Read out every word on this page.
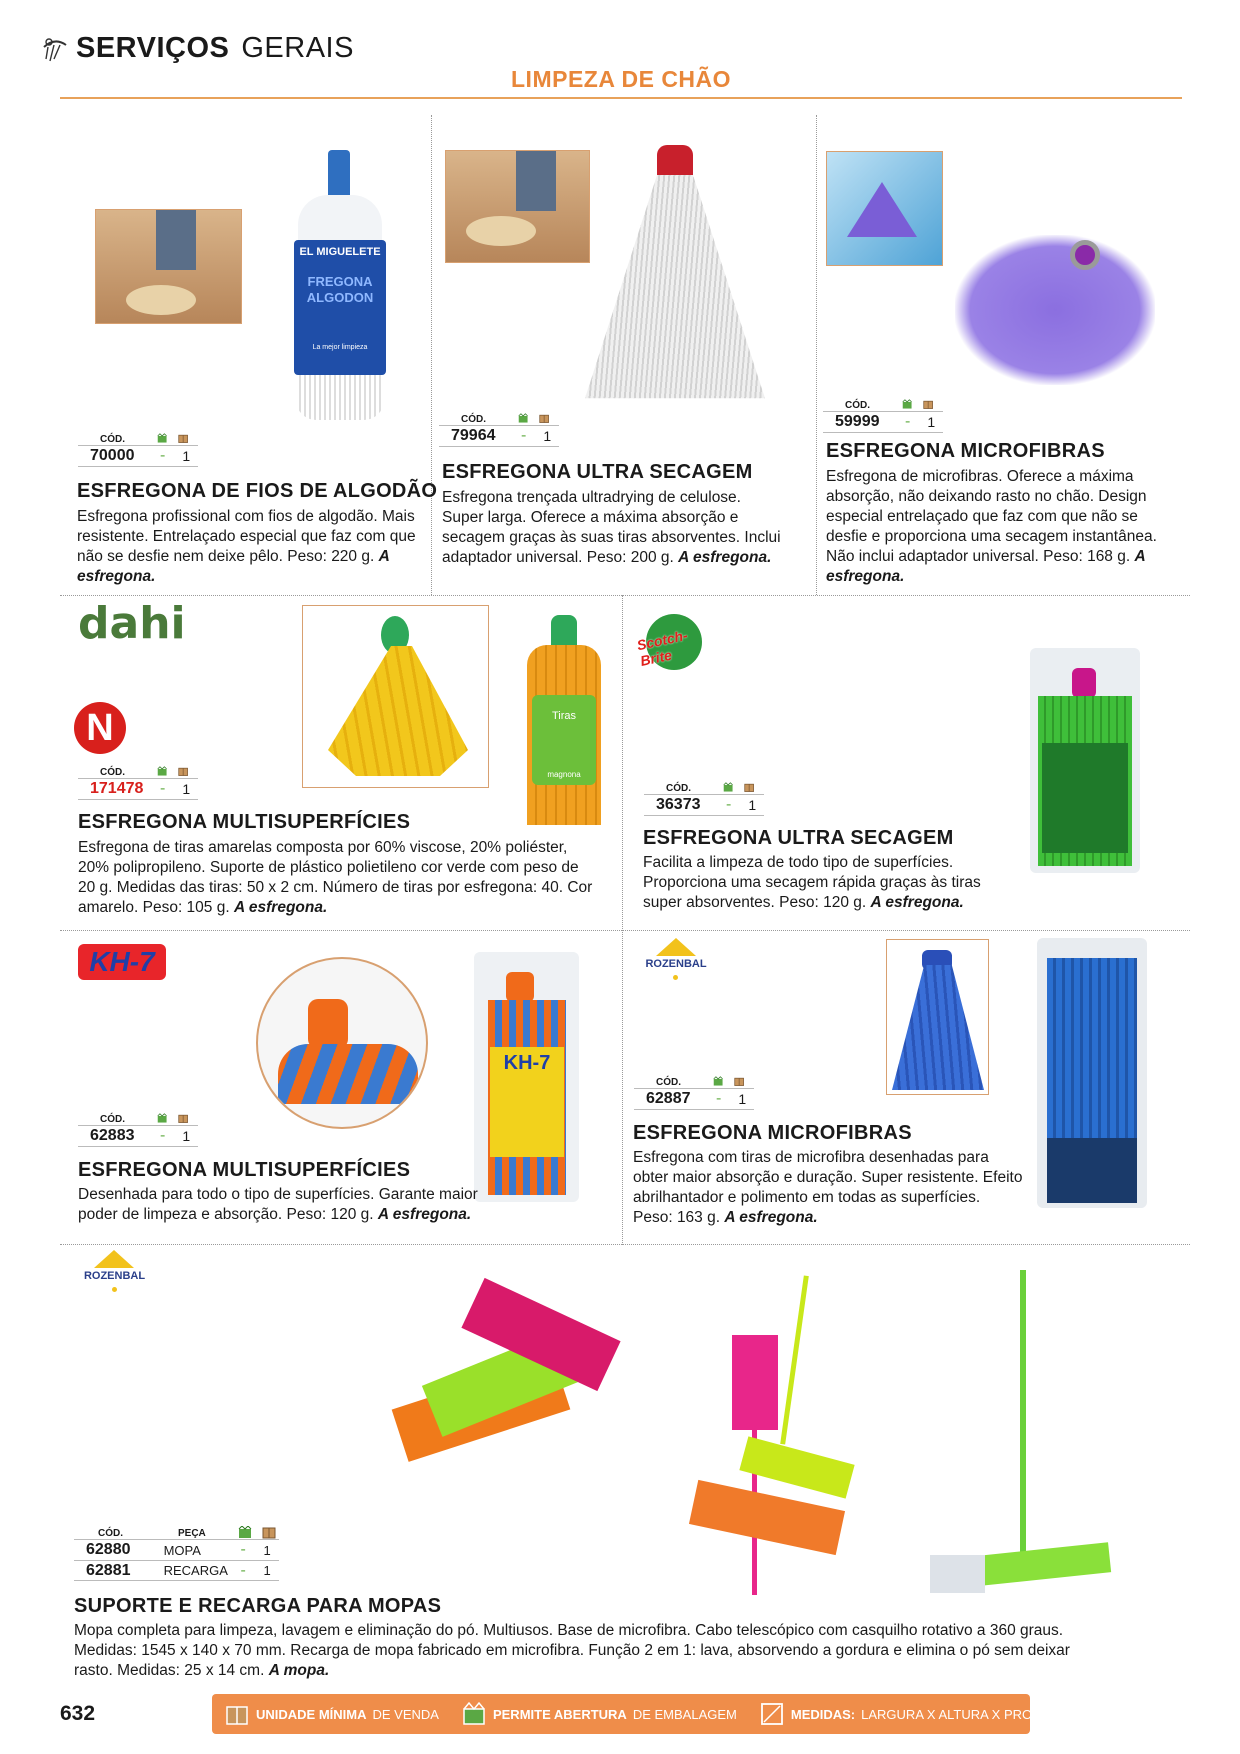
SERVIÇOS GERAIS
LIMPEZA DE CHÃO
EL MIGUELETE
FREGONA
ALGODON
La mejor limpieza
CÓD.
70000	-	1
ESFREGONA DE FIOS DE ALGODÃO
Esfregona profissional com fios de algodão. Mais resistente. Entrelaçado especial que faz com que não se desfie nem deixe pêlo. Peso: 220 g. A esfregona.
CÓD.
79964	-	1
ESFREGONA ULTRA SECAGEM
Esfregona trençada ultradrying de celulose. Super larga. Oferece a máxima absorção e secagem graças às suas tiras absorventes. Inclui adaptador universal. Peso: 200 g. A esfregona.
CÓD.
59999	-	1
ESFREGONA MICROFIBRAS
Esfregona de microfibras. Oferece a máxima absorção, não deixando rasto no chão. Design especial entrelaçado que faz com que não se desfie e proporciona uma secagem instantânea. Não inclui adaptador universal. Peso: 168 g. A esfregona.
dahi
N	Tiras
magnona
CÓD.
171478	-	1
ESFREGONA MULTISUPERFÍCIES
Esfregona de tiras amarelas composta por 60% viscose, 20% poliéster, 20% polipropileno. Suporte de plástico polietileno cor verde com peso de 20 g. Medidas das tiras: 50 x 2 cm. Número de tiras por esfregona: 40. Cor amarelo. Peso: 105 g. A esfregona.
Scotch-Brite
CÓD.
36373	-	1
ESFREGONA ULTRA SECAGEM
Facilita a limpeza de todo tipo de superfícies. Proporciona uma secagem rápida graças às tiras super absorventes. Peso: 120 g. A esfregona.
KH-7
KH-7
CÓD.
62883	-	1
ESFREGONA MULTISUPERFÍCIES
Desenhada para todo o tipo de superfícies. Garante maior poder de limpeza e absorção. Peso: 120 g. A esfregona.
ROZENBAL
CÓD.
62887	-	1
ESFREGONA MICROFIBRAS
Esfregona com tiras de microfibra desenhadas para obter maior absorção e duração. Super resistente. Efeito abrilhantador e polimento em todas as superfícies. Peso: 163 g. A esfregona.
ROZENBAL
CÓD.	PEÇA
62880	MOPA	-	1
62881	RECARGA -	1
SUPORTE E RECARGA PARA MOPAS
Mopa completa para limpeza, lavagem e eliminação do pó. Multiusos. Base de microfibra. Cabo telescópico com casquilho rotativo a 360 graus. Medidas: 1545 x 140 x 70 mm. Recarga de mopa fabricado em microfibra. Função 2 em 1: lava, absorvendo a gordura e elimina o pó sem deixar rasto. Medidas: 25 x 14 cm. A mopa.
632	UNIDADE MÍNIMA DE VENDA	PERMITE ABERTURA DE EMBALAGEM	MEDIDAS: LARGURA X ALTURA X PROFUNDIDADE
